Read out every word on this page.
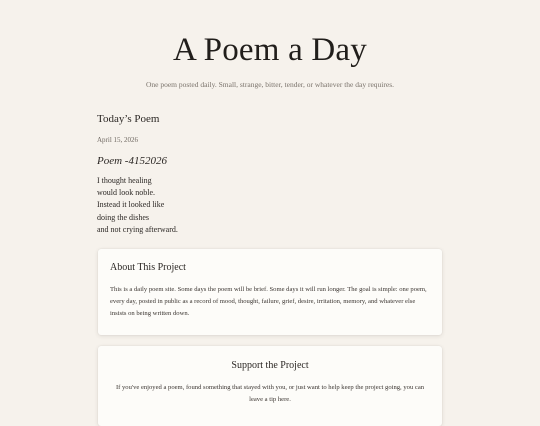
A Poem a Day

One poem posted daily. Small, strange, bitter, tender, or whatever the day requires.

Today’s Poem
April 15, 2026
Poem -4152026
I thought healing
would look noble.
Instead it looked like
doing the dishes
and not crying afterward.
About This Project

This is a daily poem site. Some days the poem will be brief. Some days it will run longer. The goal is simple: one poem, every day, posted in public as a record of mood, thought, failure, grief, desire, irritation, memory, and whatever else insists on being written down.

Support the Project

If you've enjoyed a poem, found something that stayed with you, or just want to help keep the project going, you can leave a tip here.
